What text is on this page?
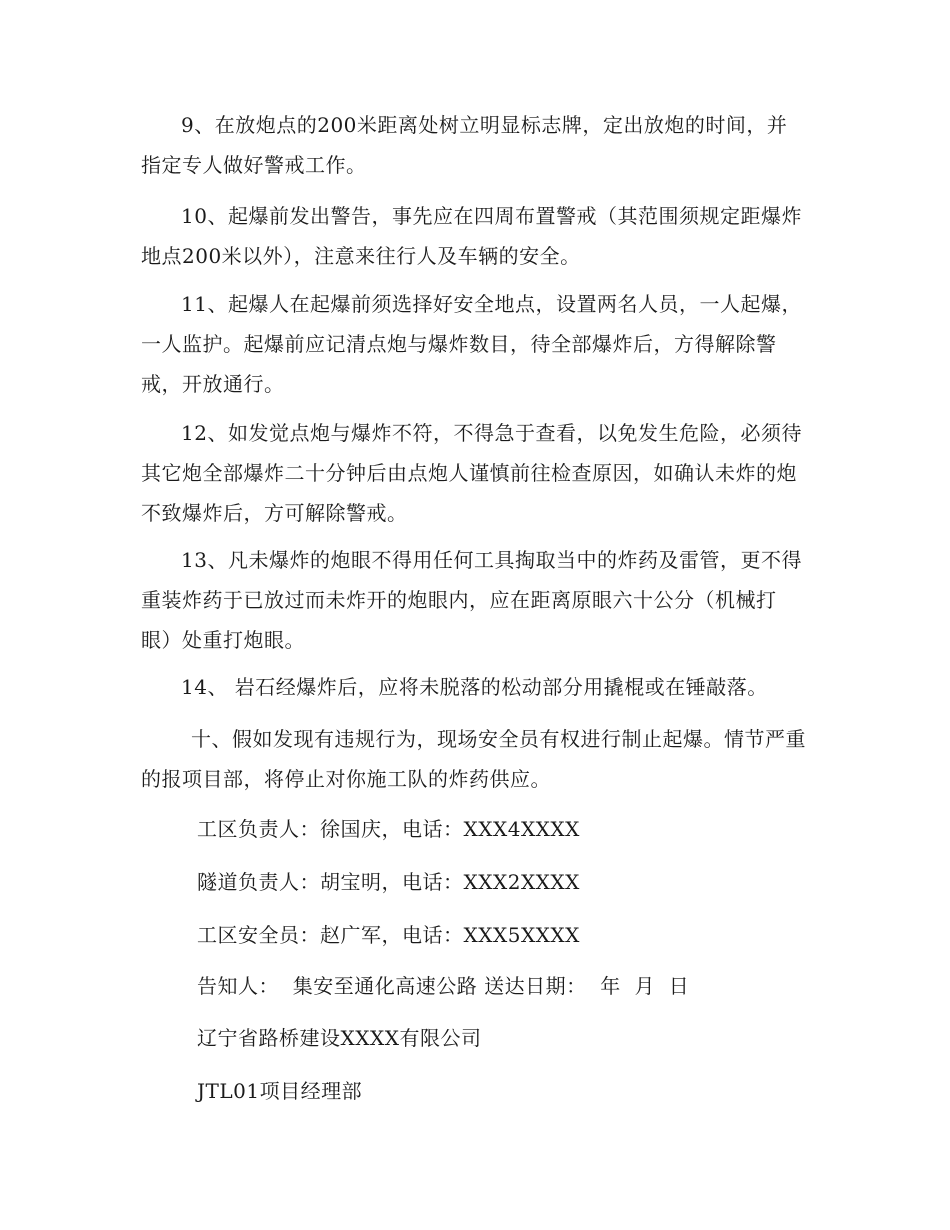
9、在放炮点的200米距离处树立明显标志牌，定出放炮的时间，并指定专人做好警戒工作。

10、起爆前发出警告，事先应在四周布置警戒（其范围须规定距爆炸地点200米以外），注意来往行人及车辆的安全。

11、起爆人在起爆前须选择好安全地点，设置两名人员，一人起爆，一人监护。起爆前应记清点炮与爆炸数目，待全部爆炸后，方得解除警戒，开放通行。

12、如发觉点炮与爆炸不符，不得急于查看，以免发生危险，必须待其它炮全部爆炸二十分钟后由点炮人谨慎前往检查原因，如确认未炸的炮不致爆炸后，方可解除警戒。

13、凡未爆炸的炮眼不得用任何工具掏取当中的炸药及雷管，更不得重装炸药于已放过而未炸开的炮眼内，应在距离原眼六十公分（机械打眼）处重打炮眼。

14、 岩石经爆炸后，应将未脱落的松动部分用撬棍或在锤敲落。

十、假如发现有违规行为，现场安全员有权进行制止起爆。情节严重的报项目部，将停止对你施工队的炸药供应。

工区负责人：徐国庆，电话：XXX4XXXX

隧道负责人：胡宝明，电话：XXX2XXXX

工区安全员：赵广军，电话：XXX5XXXX

告知人：  集安至通化高速公路 送达日期：  年  月  日

辽宁省路桥建设XXXX有限公司

JTL01项目经理部
